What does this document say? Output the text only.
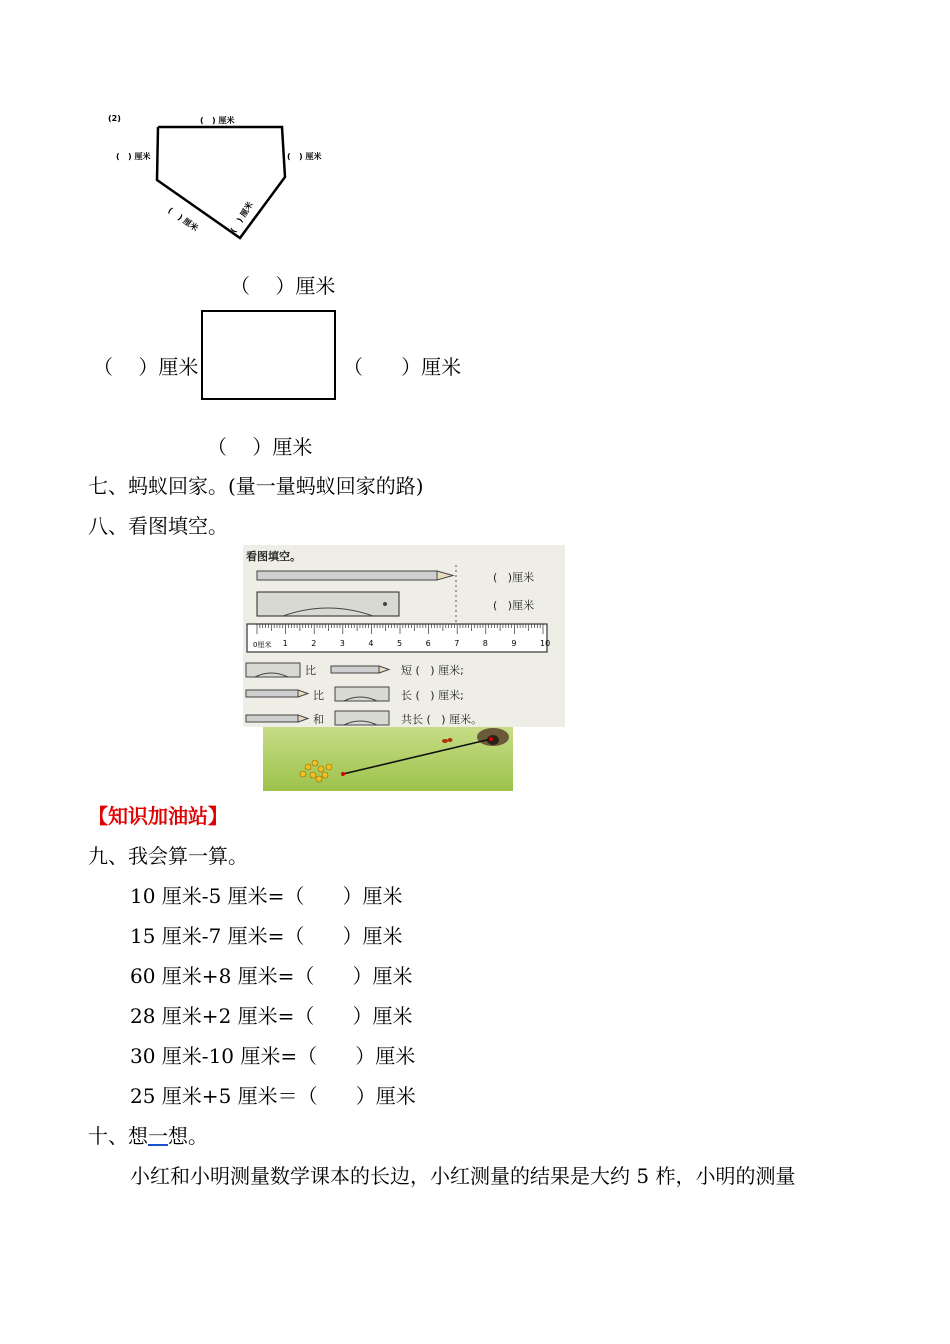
(2)	(   ) 厘米
(   ) 厘米	(   ) 厘米
(   ) 厘米	(   ) 厘米
（    ）厘米
（    ）厘米	（      ）厘米
（    ）厘米
七、蚂蚁回家。(量一量蚂蚁回家的路)
八、看图填空。
看图填空。
(   )厘米
(   )厘米
0厘米 1	2	3	4	5	6	7	8	9	10
比	短 (   ) 厘米;
比	长 (   ) 厘米;
和	共长 (   ) 厘米。
【知识加油站】
九、我会算一算。
10 厘米-5 厘米=（      ）厘米
15 厘米-7 厘米=（      ）厘米
60 厘米+8 厘米=（      ）厘米
28 厘米+2 厘米=（      ）厘米
30 厘米-10 厘米=（      ）厘米
25 厘米+5 厘米＝（      ）厘米
十、想一想。
小红和小明测量数学课本的长边，小红测量的结果是大约 5 柞，小明的测量
